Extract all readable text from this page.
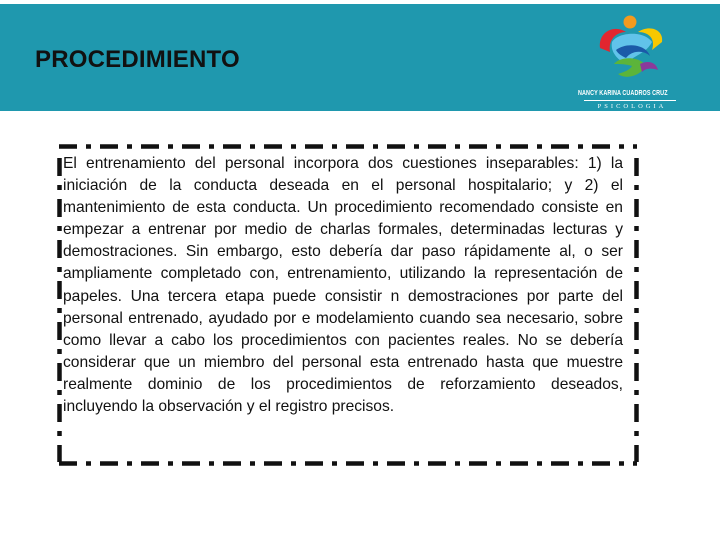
PROCEDIMIENTO
NANCY KARINA CUADROS CRUZ
PSICOLOGIA

El entrenamiento del personal incorpora dos cuestiones inseparables: 1) la iniciación de la conducta deseada en el personal hospitalario; y 2) el mantenimiento de esta conducta. Un procedimiento recomendado consiste en empezar a entrenar por medio de charlas formales, determinadas lecturas y demostraciones. Sin embargo, esto debería dar paso rápidamente al, o ser ampliamente completado con, entrenamiento, utilizando la representación de papeles. Una tercera etapa puede consistir n demostraciones por parte del personal entrenado, ayudado por e modelamiento cuando sea necesario, sobre como llevar a cabo los procedimientos con pacientes reales. No se debería considerar que un miembro del personal esta entrenado hasta que muestre realmente dominio de los procedimientos de reforzamiento deseados, incluyendo la observación y el registro precisos.
